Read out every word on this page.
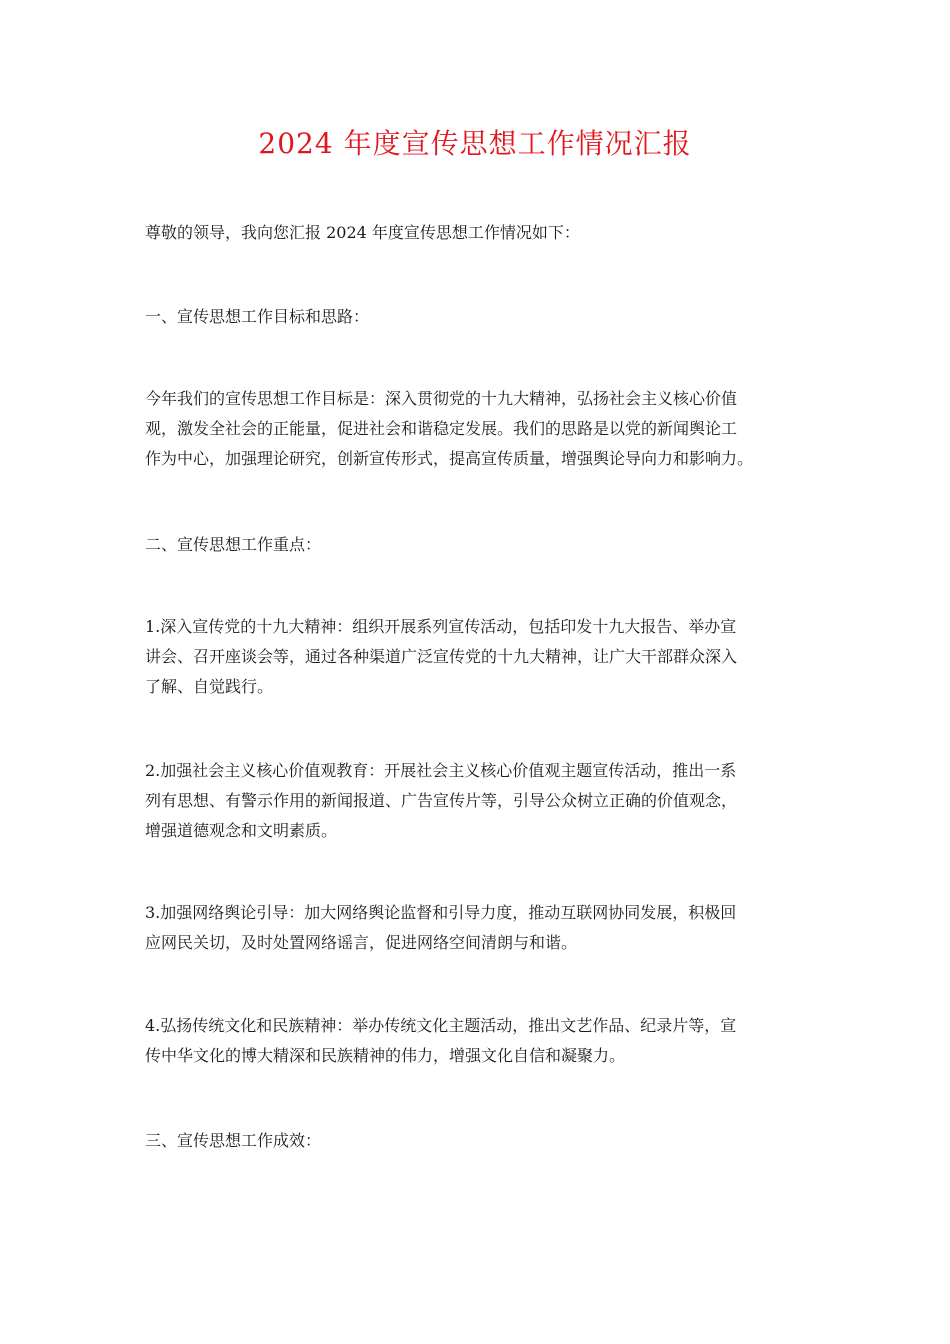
2024 年度宣传思想工作情况汇报

尊敬的领导，我向您汇报 2024 年度宣传思想工作情况如下：

一、宣传思想工作目标和思路：

今年我们的宣传思想工作目标是：深入贯彻党的十九大精神，弘扬社会主义核心价值
观，激发全社会的正能量，促进社会和谐稳定发展。我们的思路是以党的新闻舆论工
作为中心，加强理论研究，创新宣传形式，提高宣传质量，增强舆论导向力和影响力。

二、宣传思想工作重点：

1.深入宣传党的十九大精神：组织开展系列宣传活动，包括印发十九大报告、举办宣
讲会、召开座谈会等，通过各种渠道广泛宣传党的十九大精神，让广大干部群众深入
了解、自觉践行。

2.加强社会主义核心价值观教育：开展社会主义核心价值观主题宣传活动，推出一系
列有思想、有警示作用的新闻报道、广告宣传片等，引导公众树立正确的价值观念，
增强道德观念和文明素质。

3.加强网络舆论引导：加大网络舆论监督和引导力度，推动互联网协同发展，积极回
应网民关切，及时处置网络谣言，促进网络空间清朗与和谐。

4.弘扬传统文化和民族精神：举办传统文化主题活动，推出文艺作品、纪录片等，宣
传中华文化的博大精深和民族精神的伟力，增强文化自信和凝聚力。

三、宣传思想工作成效：
